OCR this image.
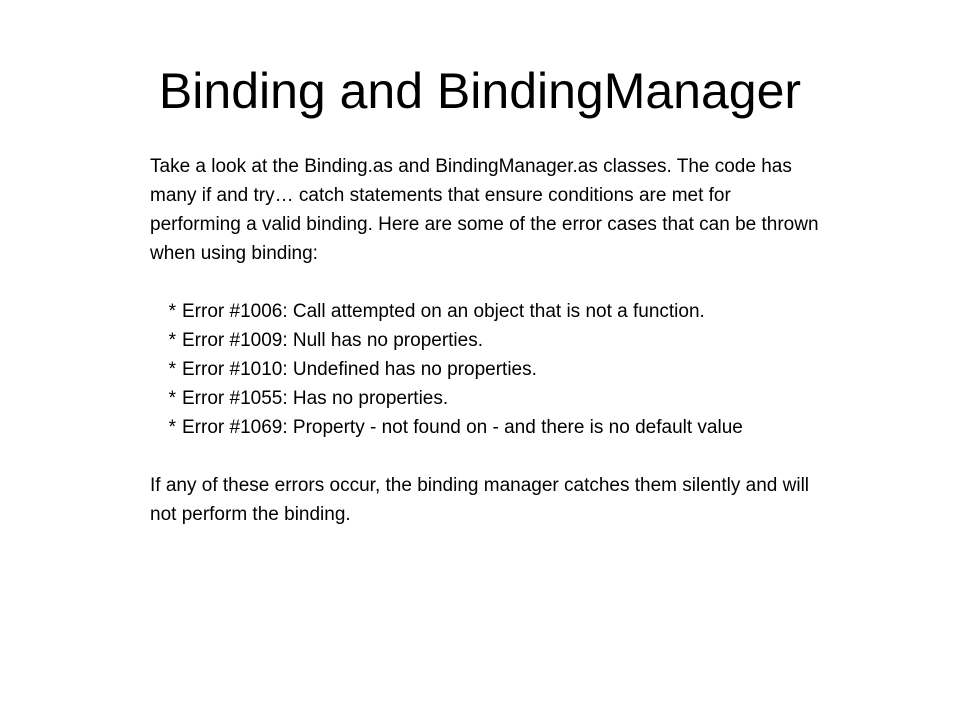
Binding and BindingManager

Take a look at the Binding.as and BindingManager.as classes. The code has many if and try… catch statements that ensure conditions are met for performing a valid binding. Here are some of the error cases that can be thrown when using binding:

* Error #1006: Call attempted on an object that is not a function.
* Error #1009: Null has no properties.
* Error #1010: Undefined has no properties.
* Error #1055: Has no properties.
* Error #1069: Property - not found on - and there is no default value

If any of these errors occur, the binding manager catches them silently and will not perform the binding.
